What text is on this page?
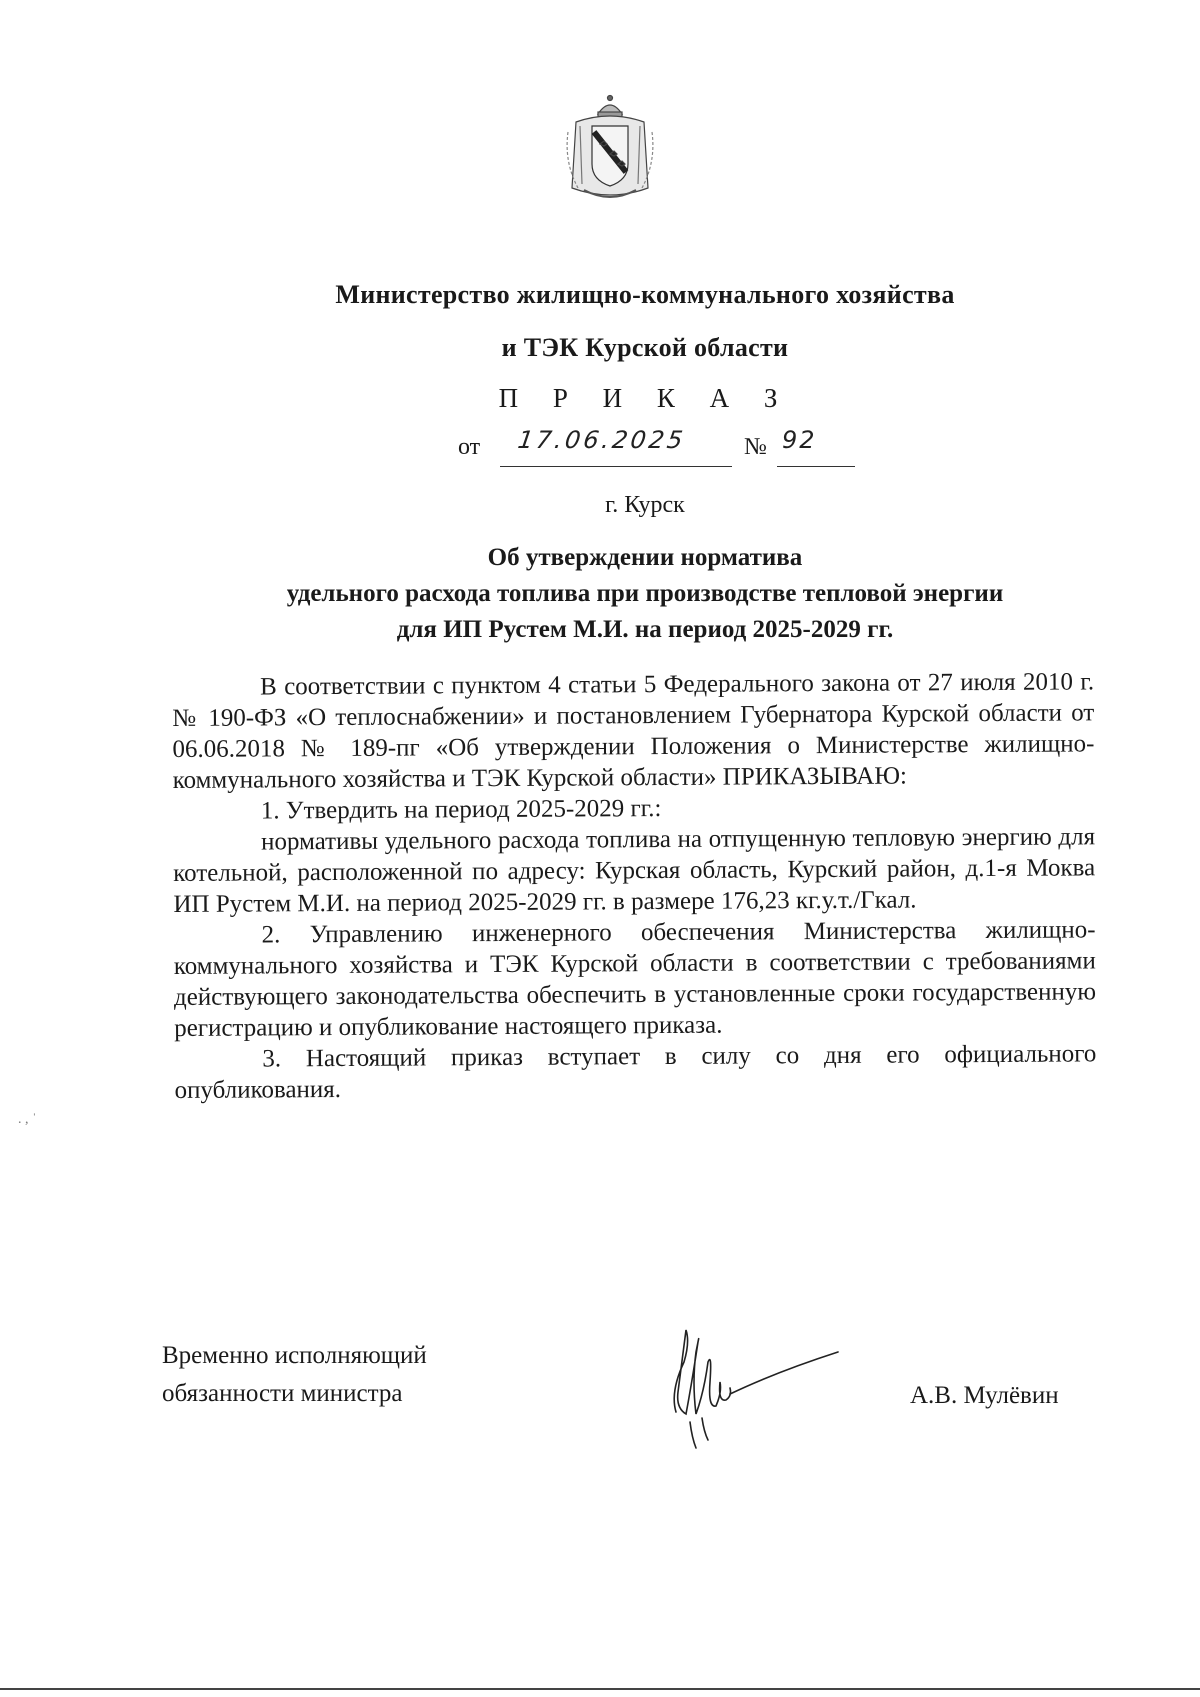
Министерство жилищно-коммунального хозяйства
и ТЭК Курской области
П Р И К А З
от 17.06.2025 № 92
г. Курск
Об утверждении норматива
удельного расхода топлива при производстве тепловой энергии
для ИП Рустем М.И. на период 2025-2029 гг.

В соответствии с пунктом 4 статьи 5 Федерального закона от 27 июля 2010 г. № 190-ФЗ «О теплоснабжении» и постановлением Губернатора Курской области от 06.06.2018 № 189-пг «Об утверждении Положения о Министерстве жилищно-коммунального хозяйства и ТЭК Курской области» ПРИКАЗЫВАЮ:

1. Утвердить на период 2025-2029 гг.:

нормативы удельного расхода топлива на отпущенную тепловую энергию для котельной, расположенной по адресу: Курская область, Курский район, д.1-я Моква ИП Рустем М.И. на период 2025-2029 гг. в размере 176,23 кг.у.т./Гкал.

2. Управлению инженерного обеспечения Министерства жилищно-коммунального хозяйства и ТЭК Курской области в соответствии с требованиями действующего законодательства обеспечить в установленные сроки государственную регистрацию и опубликование настоящего приказа.

3. Настоящий приказ вступает в силу со дня его официального опубликования.

Временно исполняющий
обязанности министра	А.В. Мулёвин
. , ˈ
